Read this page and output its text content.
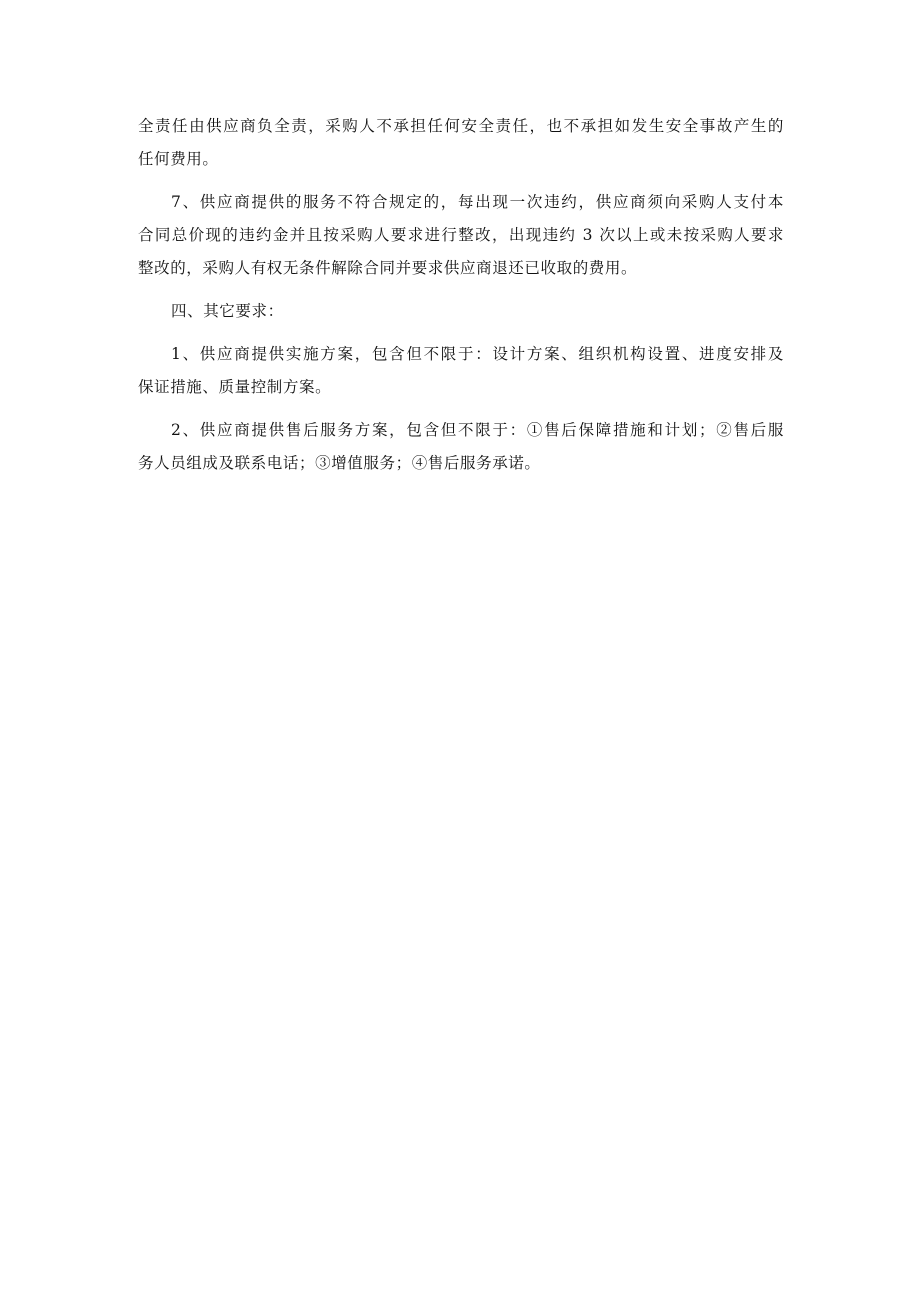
全责任由供应商负全责，采购人不承担任何安全责任，也不承担如发生安全事故产生的
任何费用。

7、供应商提供的服务不符合规定的，每出现一次违约，供应商须向采购人支付本
合同总价现的违约金并且按采购人要求进行整改，出现违约 3 次以上或未按采购人要求
整改的，采购人有权无条件解除合同并要求供应商退还已收取的费用。

四、其它要求：

1、供应商提供实施方案，包含但不限于：设计方案、组织机构设置、进度安排及
保证措施、质量控制方案。

2、供应商提供售后服务方案，包含但不限于：①售后保障措施和计划；②售后服
务人员组成及联系电话；③增值服务；④售后服务承诺。
